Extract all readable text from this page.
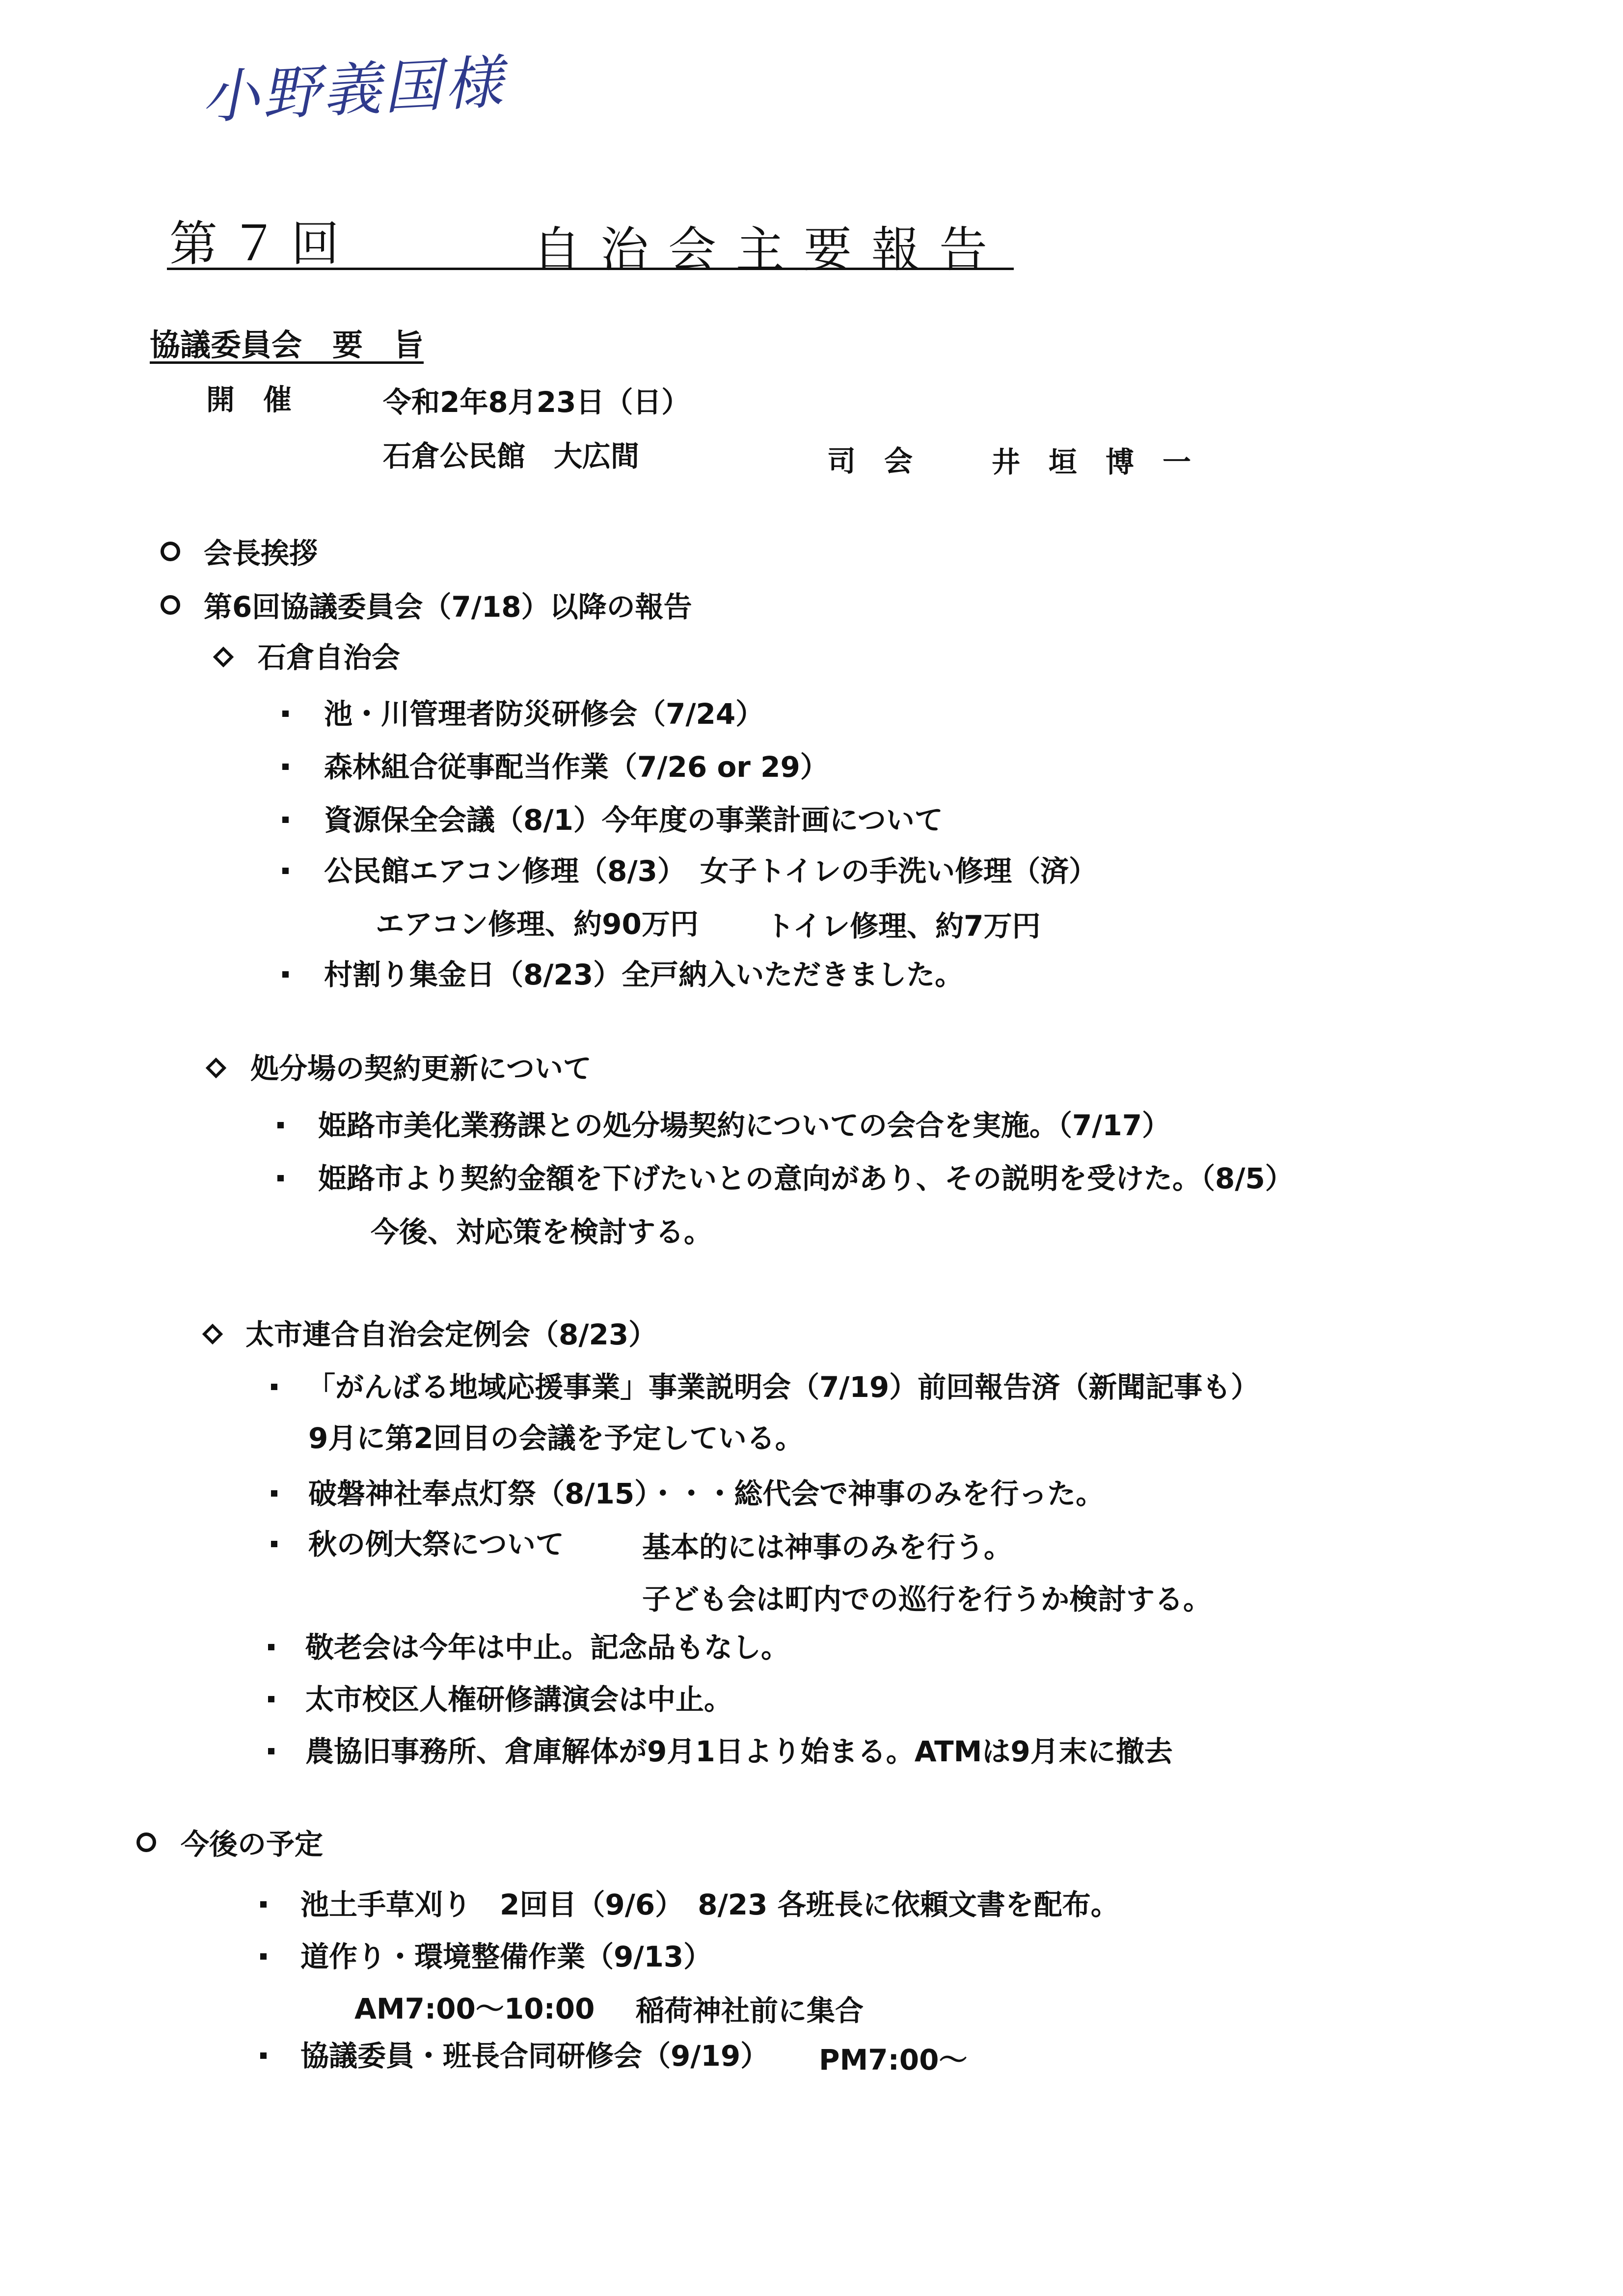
小野義国様
第７回	自治会主要報告
協議委員会　要　旨
開　催	令和2年8月23日（日）
石倉公民館　大広間	司　会	井　垣　博　一
会長挨拶
第6回協議委員会（7/18）以降の報告
石倉自治会
池・川管理者防災研修会（7/24）
森林組合従事配当作業（7/26 or 29）
資源保全会議（8/1）今年度の事業計画について
公民館エアコン修理（8/3）　女子トイレの手洗い修理（済）
エアコン修理、約90万円 トイレ修理、約7万円
村割り集金日（8/23）全戸納入いただきました。
処分場の契約更新について
姫路市美化業務課との処分場契約についての会合を実施。（7/17）
姫路市より契約金額を下げたいとの意向があり、その説明を受けた。（8/5）
今後、対応策を検討する。
太市連合自治会定例会（8/23）
「がんばる地域応援事業」事業説明会（7/19）前回報告済（新聞記事も）
9月に第2回目の会議を予定している。
破磐神社奉点灯祭（8/15）・・・総代会で神事のみを行った。
秋の例大祭について	基本的には神事のみを行う。
子ども会は町内での巡行を行うか検討する。
敬老会は今年は中止。記念品もなし。
太市校区人権研修講演会は中止。
農協旧事務所、倉庫解体が9月1日より始まる。ATMは9月末に撤去
今後の予定
池土手草刈り　2回目（9/6）　8/23 各班長に依頼文書を配布。
道作り・環境整備作業（9/13）
AM7:00～10:00 稲荷神社前に集合
協議委員・班長合同研修会（9/19） PM7:00～
